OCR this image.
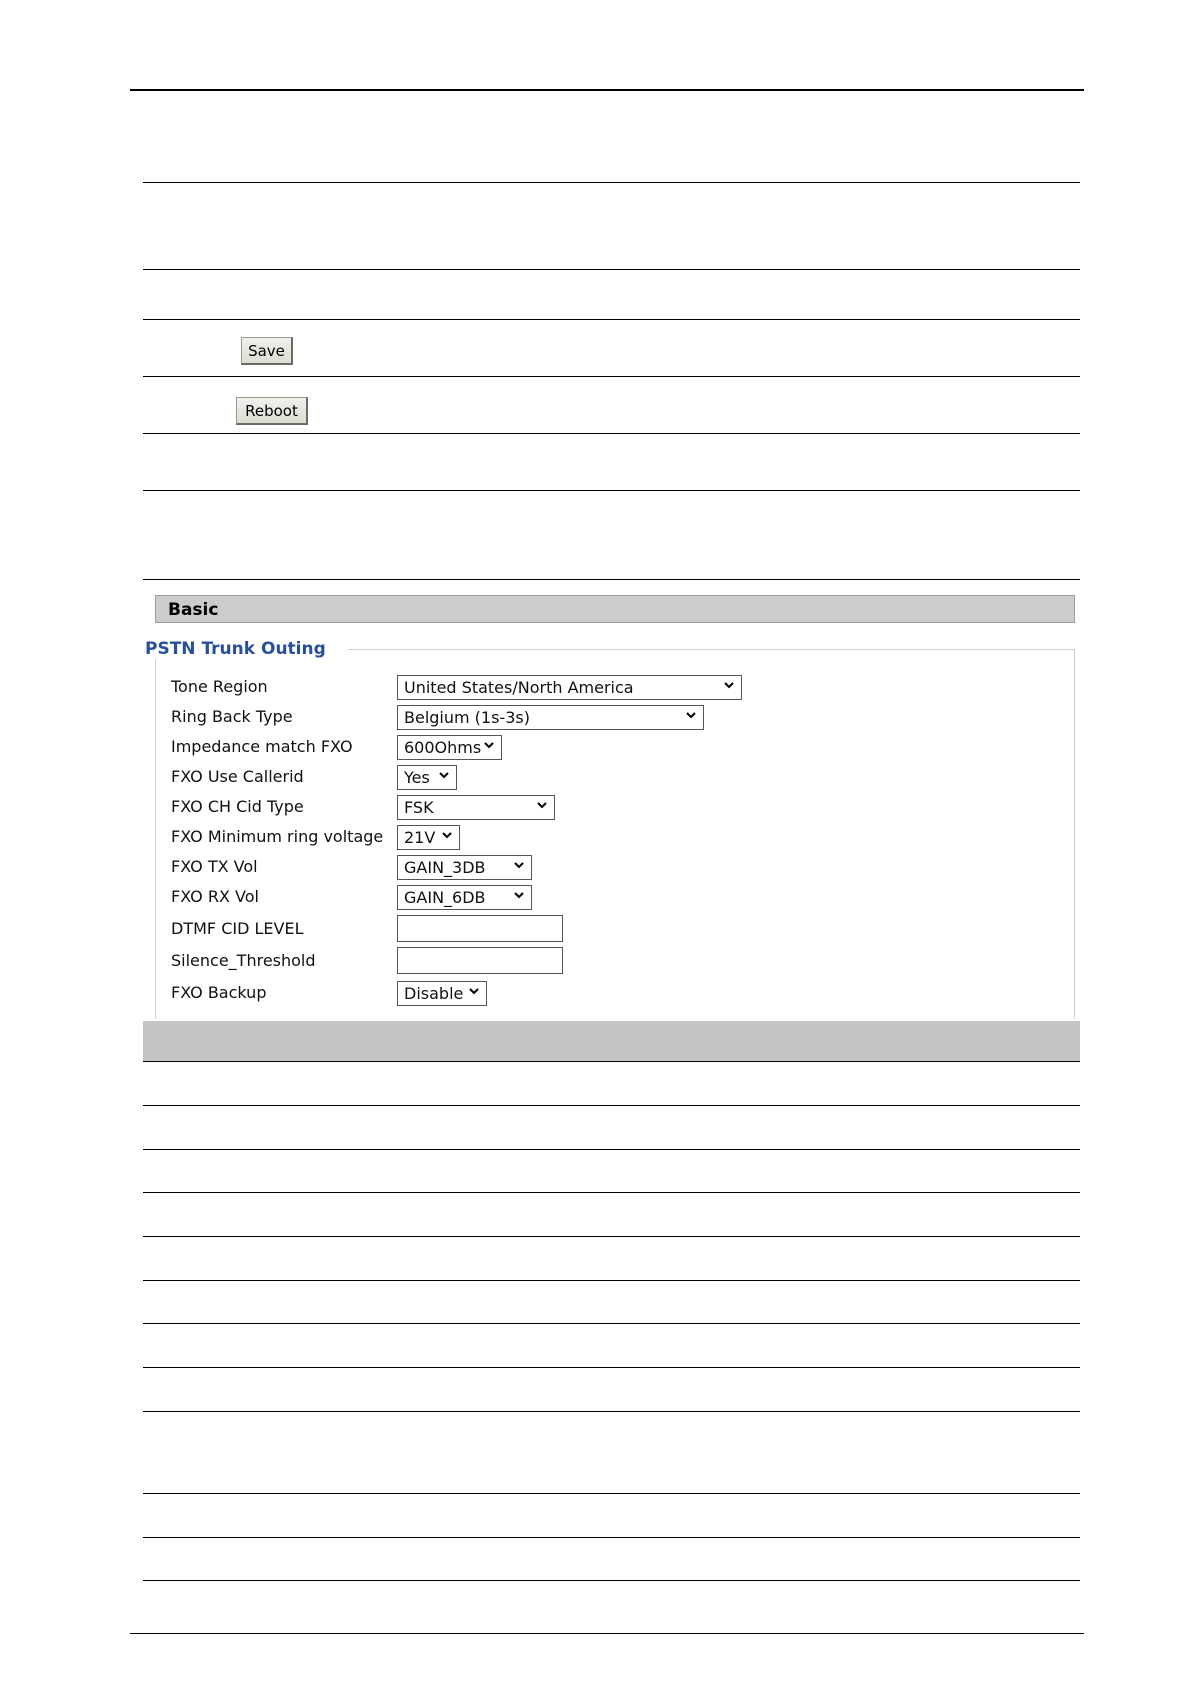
Save
Reboot
Basic
PSTN Trunk Outing
Tone Region	United States/North America
Ring Back Type	Belgium (1s-3s)
Impedance match FXO	600Ohms
FXO Use Callerid	Yes
FXO CH Cid Type	FSK
FXO Minimum ring voltage	21V
FXO TX Vol	GAIN_3DB
FXO RX Vol	GAIN_6DB
DTMF CID LEVEL
Silence_Threshold
FXO Backup	Disable
